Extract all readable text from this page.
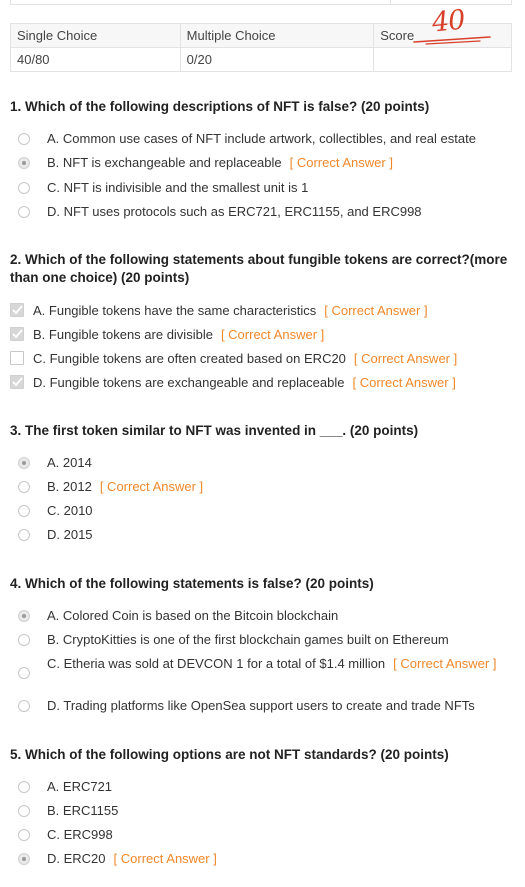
Single Choice	Multiple Choice	Score 40

40/80	0/20	

1. Which of the following descriptions of NFT is false? (20 points)

A. Common use cases of NFT include artwork, collectibles, and real estate
B. NFT is exchangeable and replaceable [ Correct Answer ]
C. NFT is indivisible and the smallest unit is 1
D. NFT uses protocols such as ERC721, ERC1155, and ERC998

2. Which of the following statements about fungible tokens are correct?(more than one choice) (20 points)

A. Fungible tokens have the same characteristics [ Correct Answer ]
B. Fungible tokens are divisible [ Correct Answer ]
C. Fungible tokens are often created based on ERC20 [ Correct Answer ]
D. Fungible tokens are exchangeable and replaceable [ Correct Answer ]

3. The first token similar to NFT was invented in ___. (20 points)

A. 2014
B. 2012 [ Correct Answer ]
C. 2010
D. 2015

4. Which of the following statements is false? (20 points)

A. Colored Coin is based on the Bitcoin blockchain
B. CryptoKitties is one of the first blockchain games built on Ethereum
C. Etheria was sold at DEVCON 1 for a total of $1.4 million [ Correct Answer ]
D. Trading platforms like OpenSea support users to create and trade NFTs

5. Which of the following options are not NFT standards? (20 points)

A. ERC721
B. ERC1155
C. ERC998
D. ERC20 [ Correct Answer ]
